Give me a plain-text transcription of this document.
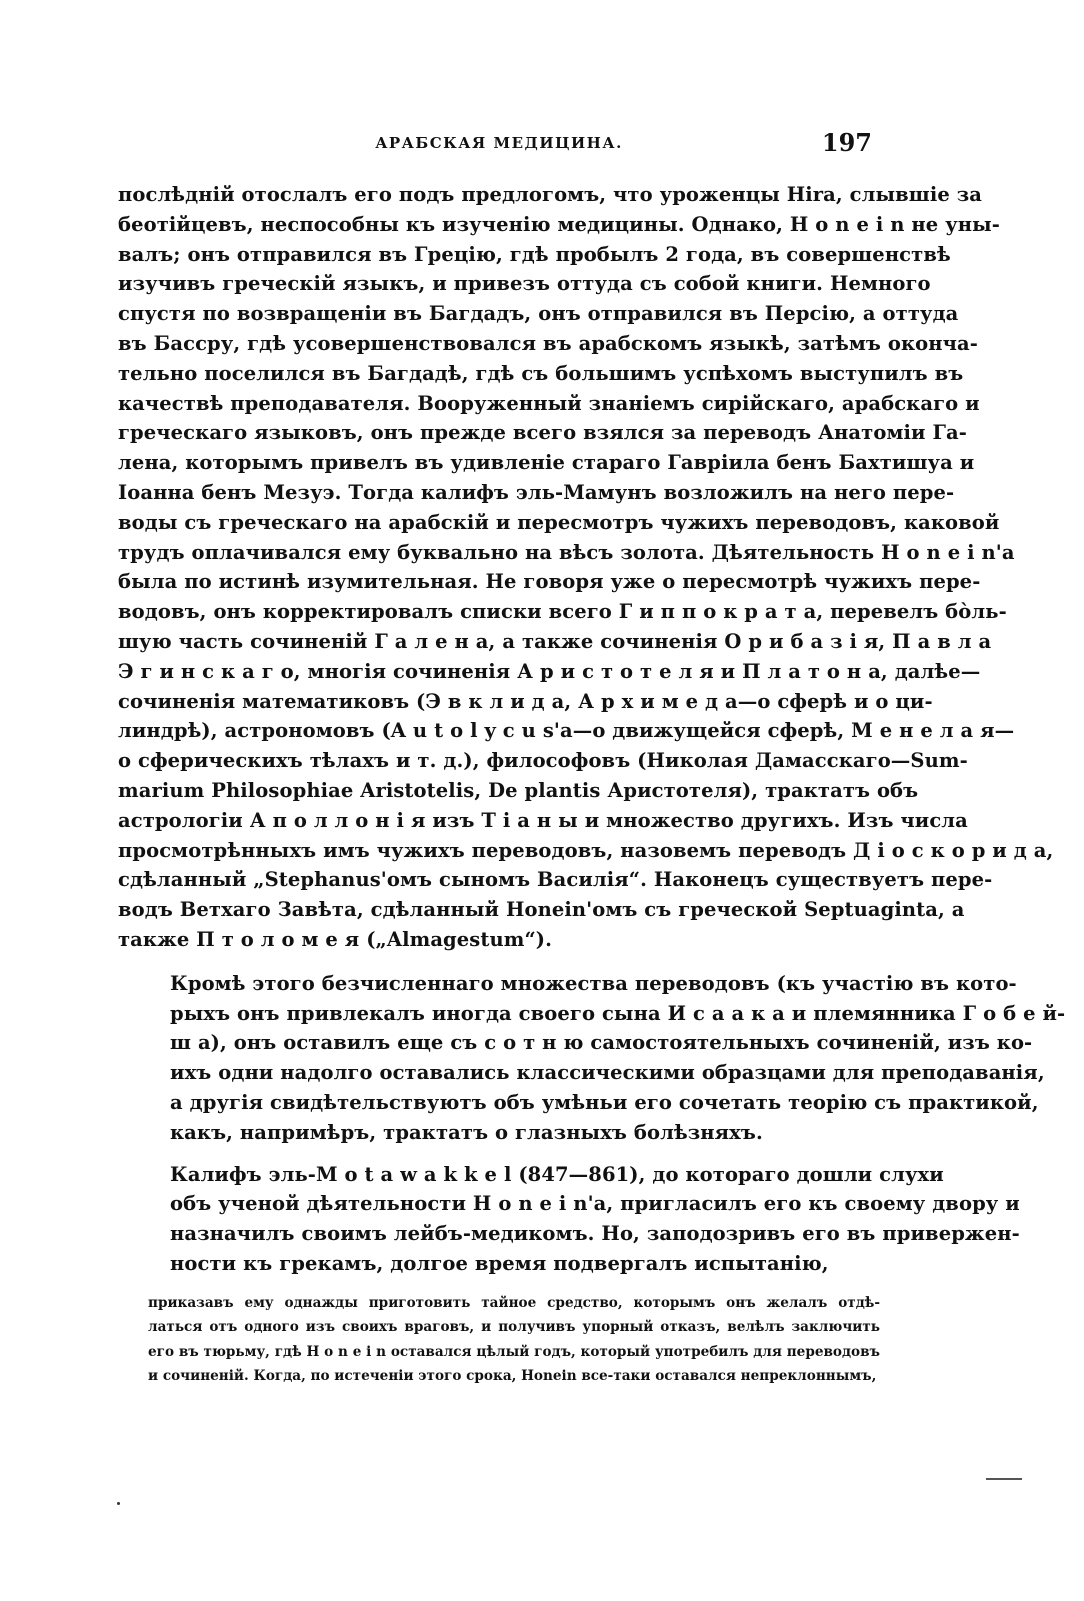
АРАБСКАЯ МЕДИЦИНА.	197

послѣдній отослалъ его подъ предлогомъ, что уроженцы Hira, слывшіе за
беотійцевъ, неспособны къ изученію медицины. Однако, H o n e i n не уны-
валъ; онъ отправился въ Грецію, гдѣ пробылъ 2 года, въ совершенствѣ
изучивъ греческій языкъ, и привезъ оттуда съ собой книги. Немного
спустя по возвращеніи въ Багдадъ, онъ отправился въ Персію, а оттуда
въ Бассру, гдѣ усовершенствовался въ арабскомъ языкѣ, затѣмъ оконча-
тельно поселился въ Багдадѣ, гдѣ съ большимъ успѣхомъ выступилъ въ
качествѣ преподавателя. Вооруженный знаніемъ сирійскаго, арабскаго и
греческаго языковъ, онъ прежде всего взялся за переводъ Анатоміи Га-
лена, которымъ привелъ въ удивленіе стараго Гавріила бенъ Бахтишуа и
Іоанна бенъ Мезуэ. Тогда калифъ эль-Мамунъ возложилъ на него пере-
воды съ греческаго на арабскій и пересмотръ чужихъ переводовъ, каковой
трудъ оплачивался ему буквально на вѣсъ золота. Дѣятельность H o n e i n'а
была по истинѣ изумительная. Не говоря уже о пересмотрѣ чужихъ пере-
водовъ, онъ корректировалъ списки всего Г и п п о к р а т а, перевелъ бòль-
шую часть сочиненій Г а л е н а, а также сочиненія О р и б а з і я, П а в л а
Э г и н с к а г о, многія сочиненія А р и с т о т е л я и П л а т о н а, далѣе—
сочиненія математиковъ (Э в к л и д а, А р х и м е д а—о сферѣ и о ци-
линдрѣ), астрономовъ (A u t o l y c u s'а—о движущейся сферѣ, М е н е л а я—
о сферическихъ тѣлахъ и т. д.), философовъ (Николая Дамасскаго—Sum-
marium Philosophiae Aristotelis, De plantis Аристотеля), трактатъ объ
астрологіи А п о л л о н і я изъ Т і а н ы и множество другихъ. Изъ числа
просмотрѣнныхъ имъ чужихъ переводовъ, назовемъ переводъ Д і о с к о р и д а,
сдѣланный „Stephanus'омъ сыномъ Василія“. Наконецъ существуетъ пере-
водъ Ветхаго Завѣта, сдѣланный Honein'омъ съ греческой Septuaginta, а
также П т о л о м е я („Almagestum“).

Кромѣ этого безчисленнаго множества переводовъ (къ участію въ кото-
рыхъ онъ привлекалъ иногда своего сына И с а а к а и племянника Г о б е й-
ш а), онъ оставилъ еще съ с о т н ю самостоятельныхъ сочиненій, изъ ко-
ихъ одни надолго оставались классическими образцами для преподаванія,
а другія свидѣтельствуютъ объ умѣньи его сочетать теорію съ практикой,
какъ, напримѣръ, трактатъ о глазныхъ болѣзняхъ.

Калифъ эль-M o t a w a k k e l (847—861), до котораго дошли слухи
объ ученой дѣятельности H o n e i n'а, пригласилъ его къ своему двору и
назначилъ своимъ лейбъ-медикомъ. Но, заподозривъ его въ привержен-
ности къ грекамъ, долгое время подвергалъ испытанію,

приказавъ ему однажды приготовить тайное средство, которымъ онъ желалъ отдѣ-
латься отъ одного изъ своихъ враговъ, и получивъ упорный отказъ, велѣлъ заключить
его въ тюрьму, гдѣ H o n e i n оставался цѣлый годъ, который употребилъ для переводовъ
и сочиненій. Когда, по истеченіи этого срока, Honein все-таки оставался непреклоннымъ,
